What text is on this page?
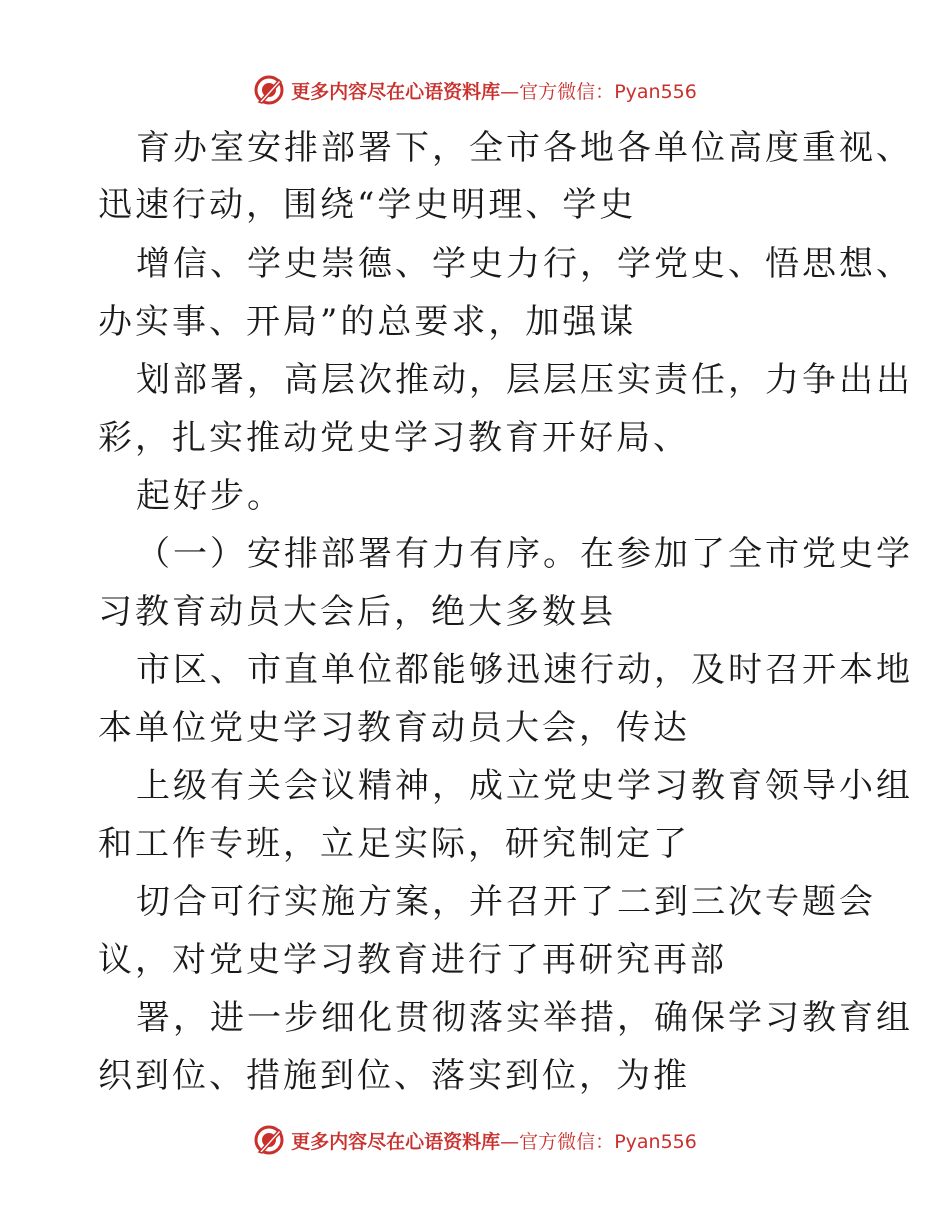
更多内容尽在心语资料库—官方微信：Pyan556
育办室安排部署下，全市各地各单位高度重视、
迅速行动，围绕“学史明理、学史
增信、学史崇德、学史力行，学党史、悟思想、
办实事、开局”的总要求，加强谋
划部署，高层次推动，层层压实责任，力争出出
彩，扎实推动党史学习教育开好局、
起好步。
（一）安排部署有力有序。在参加了全市党史学
习教育动员大会后，绝大多数县
市区、市直单位都能够迅速行动，及时召开本地
本单位党史学习教育动员大会，传达
上级有关会议精神，成立党史学习教育领导小组
和工作专班，立足实际，研究制定了
切合可行实施方案，并召开了二到三次专题会
议，对党史学习教育进行了再研究再部
署，进一步细化贯彻落实举措，确保学习教育组
织到位、措施到位、落实到位，为推
更多内容尽在心语资料库—官方微信：Pyan556
